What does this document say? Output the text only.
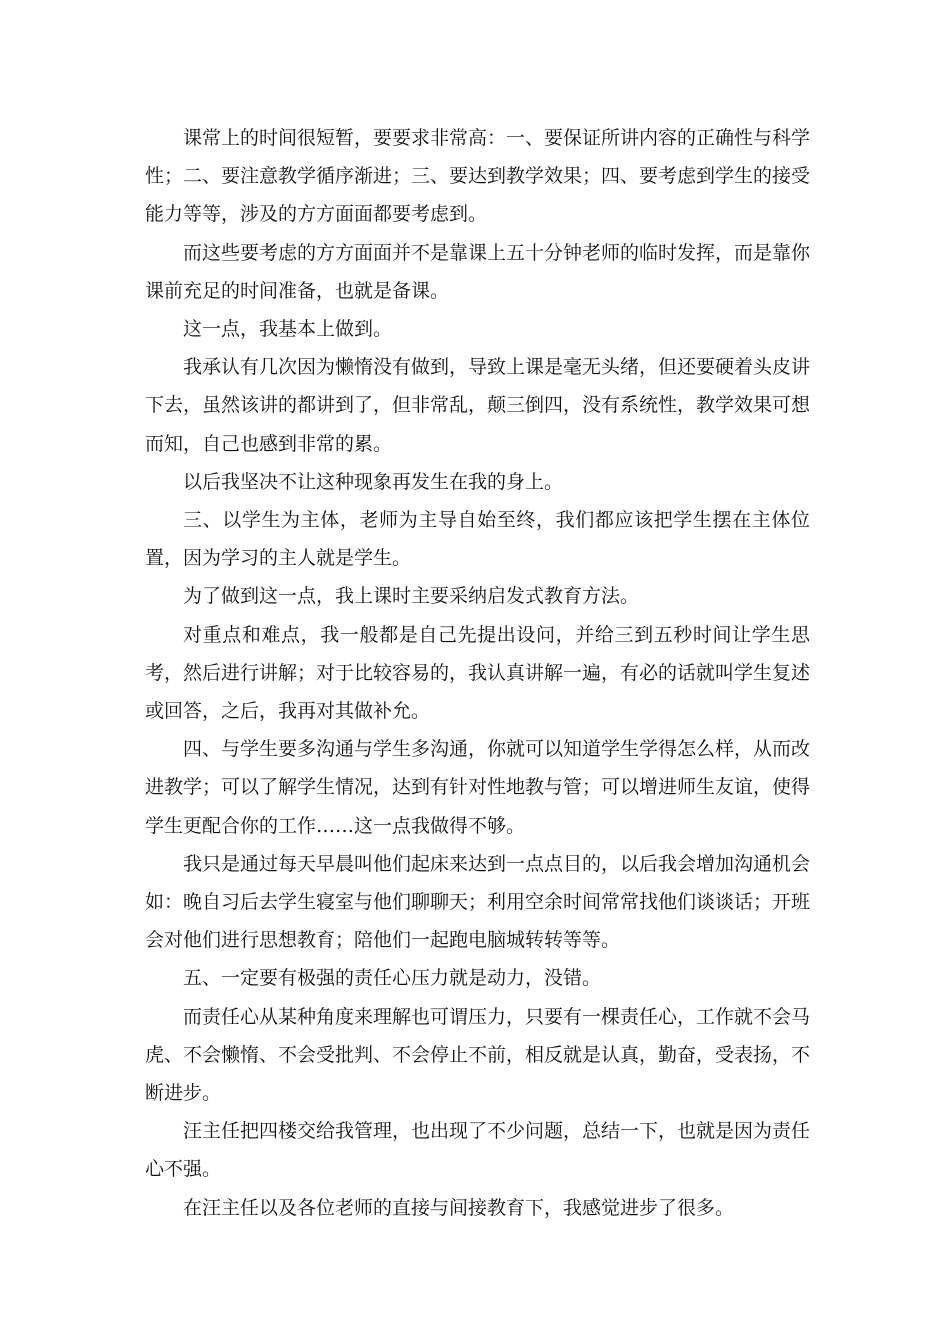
课常上的时间很短暂，要要求非常高：一、要保证所讲内容的正确性与科学性；二、要注意教学循序渐进；三、要达到教学效果；四、要考虑到学生的接受能力等等，涉及的方方面面都要考虑到。

而这些要考虑的方方面面并不是靠课上五十分钟老师的临时发挥，而是靠你课前充足的时间准备，也就是备课。

这一点，我基本上做到。

我承认有几次因为懒惰没有做到，导致上课是毫无头绪，但还要硬着头皮讲下去，虽然该讲的都讲到了，但非常乱，颠三倒四，没有系统性，教学效果可想而知，自己也感到非常的累。

以后我坚决不让这种现象再发生在我的身上。

三、以学生为主体，老师为主导自始至终，我们都应该把学生摆在主体位置，因为学习的主人就是学生。

为了做到这一点，我上课时主要采纳启发式教育方法。

对重点和难点，我一般都是自己先提出设问，并给三到五秒时间让学生思考，然后进行讲解；对于比较容易的，我认真讲解一遍，有必的话就叫学生复述或回答，之后，我再对其做补允。

四、与学生要多沟通与学生多沟通，你就可以知道学生学得怎么样，从而改进教学；可以了解学生情况，达到有针对性地教与管；可以增进师生友谊，使得学生更配合你的工作……这一点我做得不够。

我只是通过每天早晨叫他们起床来达到一点点目的，以后我会增加沟通机会如：晚自习后去学生寝室与他们聊聊天；利用空余时间常常找他们谈谈话；开班会对他们进行思想教育；陪他们一起跑电脑城转转等等。

五、一定要有极强的责任心压力就是动力，没错。

而责任心从某种角度来理解也可谓压力，只要有一棵责任心，工作就不会马虎、不会懒惰、不会受批判、不会停止不前，相反就是认真，勤奋，受表扬，不断进步。

汪主任把四楼交给我管理，也出现了不少问题，总结一下，也就是因为责任心不强。

在汪主任以及各位老师的直接与间接教育下，我感觉进步了很多。
